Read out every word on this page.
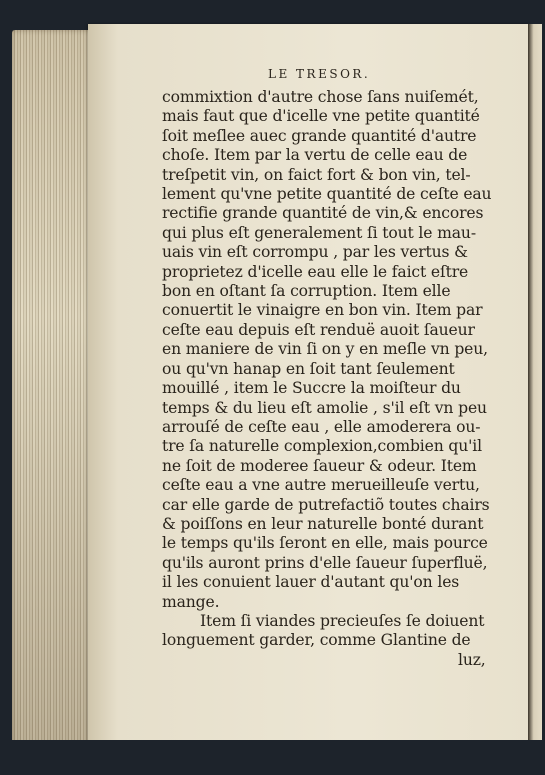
LE TRESOR.
commixtion d'autre chose ſans nuiſemét,
mais faut que d'icelle vne petite quantité
ſoit meſlee auec grande quantité d'autre
choſe. Item par la vertu de celle eau de
treſpetit vin, on faict fort & bon vin, tel-
lement qu'vne petite quantité de ceſte eau
rectifie grande quantité de vin,& encores
qui plus eſt generalement ſi tout le mau-
uais vin eſt corrompu , par les vertus &
proprietez d'icelle eau elle le faict eſtre
bon en oſtant ſa corruption. Item elle
conuertit le vinaigre en bon vin. Item par
ceſte eau depuis eſt renduë auoit ſaueur
en maniere de vin ſi on y en meſle vn peu,
ou qu'vn hanap en ſoit tant ſeulement
mouillé , item le Succre la moiſteur du
temps & du lieu eſt amolie , s'il eſt vn peu
arrouſé de ceſte eau , elle amoderera ou-
tre ſa naturelle complexion,combien qu'il
ne ſoit de moderee ſaueur & odeur. Item
ceſte eau a vne autre merueilleuſe vertu,
car elle garde de putrefactiõ toutes chairs
& poiſſons en leur naturelle bonté durant
le temps qu'ils ſeront en elle, mais pource
qu'ils auront prins d'elle ſaueur ſuperfluë,
il les conuient lauer d'autant qu'on les
mange.
Item ſi viandes precieuſes ſe doiuent
longuement garder, comme Glantine de
luz,
